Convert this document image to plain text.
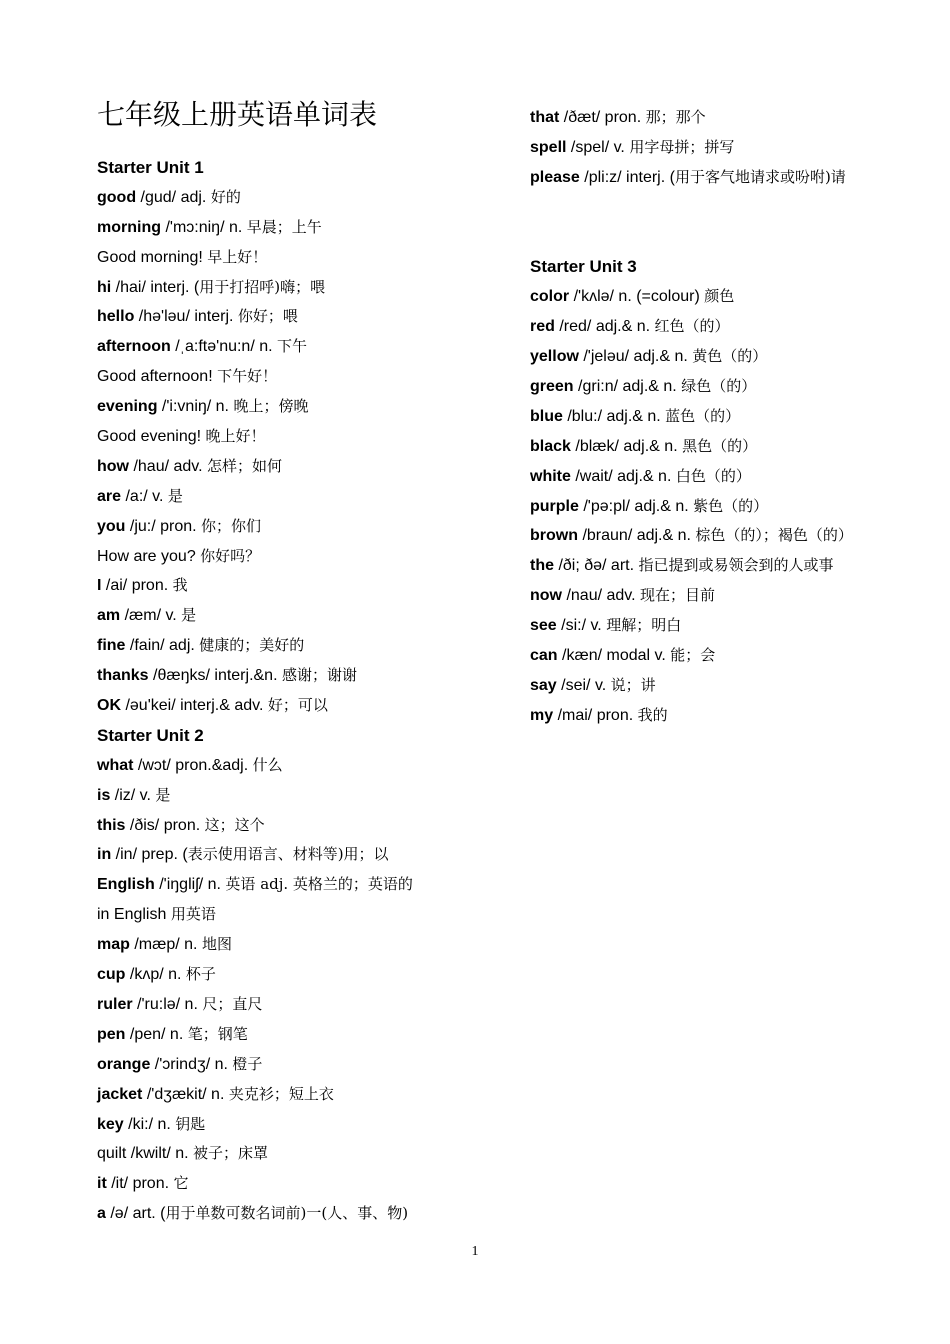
七年级上册英语单词表
Starter Unit 1
good /gud/ adj. 好的
morning /'mɔ:niŋ/ n. 早晨；上午
Good morning! 早上好！
hi /hai/ interj. (用于打招呼)嗨；喂
hello /hə'ləu/ interj. 你好；喂
afternoon /ˌa:ftə'nu:n/ n. 下午
Good afternoon! 下午好！
evening /'i:vniŋ/ n. 晚上；傍晚
Good evening! 晚上好！
how /hau/ adv. 怎样；如何
are /a:/ v. 是
you /ju:/ pron. 你；你们
How are you? 你好吗？
I /ai/ pron. 我
am /æm/ v. 是
fine /fain/ adj. 健康的；美好的
thanks /θæŋks/ interj.&n. 感谢；谢谢
OK /əu'kei/ interj.& adv. 好；可以
Starter Unit 2
what /wɔt/ pron.&adj. 什么
is /iz/ v. 是
this /ðis/ pron. 这；这个
in /in/ prep. (表示使用语言、材料等)用；以
English /'iŋgliʃ/ n. 英语 adj. 英格兰的；英语的
in English 用英语
map /mæp/ n. 地图
cup /kʌp/ n. 杯子
ruler /'ru:lə/ n. 尺；直尺
pen /pen/ n. 笔；钢笔
orange /'ɔrindʒ/ n. 橙子
jacket /'dʒækit/ n. 夹克衫；短上衣
key /ki:/ n. 钥匙
quilt /kwilt/ n. 被子；床罩
it /it/ pron. 它
a /ə/ art. (用于单数可数名词前)一(人、事、物)
that /ðæt/ pron. 那；那个
spell /spel/ v. 用字母拼；拼写
please /pli:z/ interj. (用于客气地请求或吩咐)请
Starter Unit 3
color /'kʌlə/ n. (=colour) 颜色
red /red/ adj.& n. 红色（的）
yellow /'jeləu/ adj.& n. 黄色（的）
green /gri:n/ adj.& n. 绿色（的）
blue /blu:/ adj.& n. 蓝色（的）
black /blæk/ adj.& n. 黑色（的）
white /wait/ adj.& n. 白色（的）
purple /'pə:pl/ adj.& n. 紫色（的）
brown /braun/ adj.& n. 棕色（的）；褐色（的）
the /ði; ðə/ art. 指已提到或易领会到的人或事
now /nau/ adv. 现在；目前
see /si:/ v. 理解；明白
can /kæn/ modal v. 能；会
say /sei/ v. 说；讲
my /mai/ pron. 我的
1
